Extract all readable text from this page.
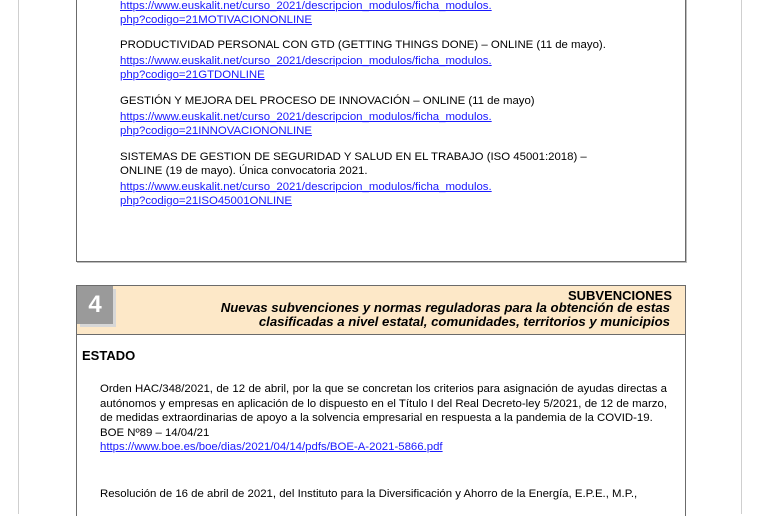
https://www.euskalit.net/curso_2021/descripcion_modulos/ficha_modulos.
php?codigo=21MOTIVACIONONLINE
PRODUCTIVIDAD PERSONAL CON GTD (GETTING THINGS DONE) – ONLINE (11 de mayo).
https://www.euskalit.net/curso_2021/descripcion_modulos/ficha_modulos.
php?codigo=21GTDONLINE
GESTIÓN Y MEJORA DEL PROCESO DE INNOVACIÓN – ONLINE (11 de mayo)
https://www.euskalit.net/curso_2021/descripcion_modulos/ficha_modulos.
php?codigo=21INNOVACIONONLINE
SISTEMAS DE GESTION DE SEGURIDAD Y SALUD EN EL TRABAJO (ISO 45001:2018) –
ONLINE (19 de mayo). Única convocatoria 2021.
https://www.euskalit.net/curso_2021/descripcion_modulos/ficha_modulos.
php?codigo=21ISO45001ONLINE
4	SUBVENCIONES
Nuevas subvenciones y normas reguladoras para la obtención de estas
clasificadas a nivel estatal, comunidades, territorios y municipios
ESTADO
Orden HAC/348/2021, de 12 de abril, por la que se concretan los criterios para asignación de ayudas directas a autónomos y empresas en aplicación de lo dispuesto en el Título I del Real Decreto-ley 5/2021, de 12 de marzo, de medidas extraordinarias de apoyo a la solvencia empresarial en respuesta a la pandemia de la COVID-19.
BOE Nº89 – 14/04/21
https://www.boe.es/boe/dias/2021/04/14/pdfs/BOE-A-2021-5866.pdf
Resolución de 16 de abril de 2021, del Instituto para la Diversificación y Ahorro de la Energía, E.P.E., M.P.,
